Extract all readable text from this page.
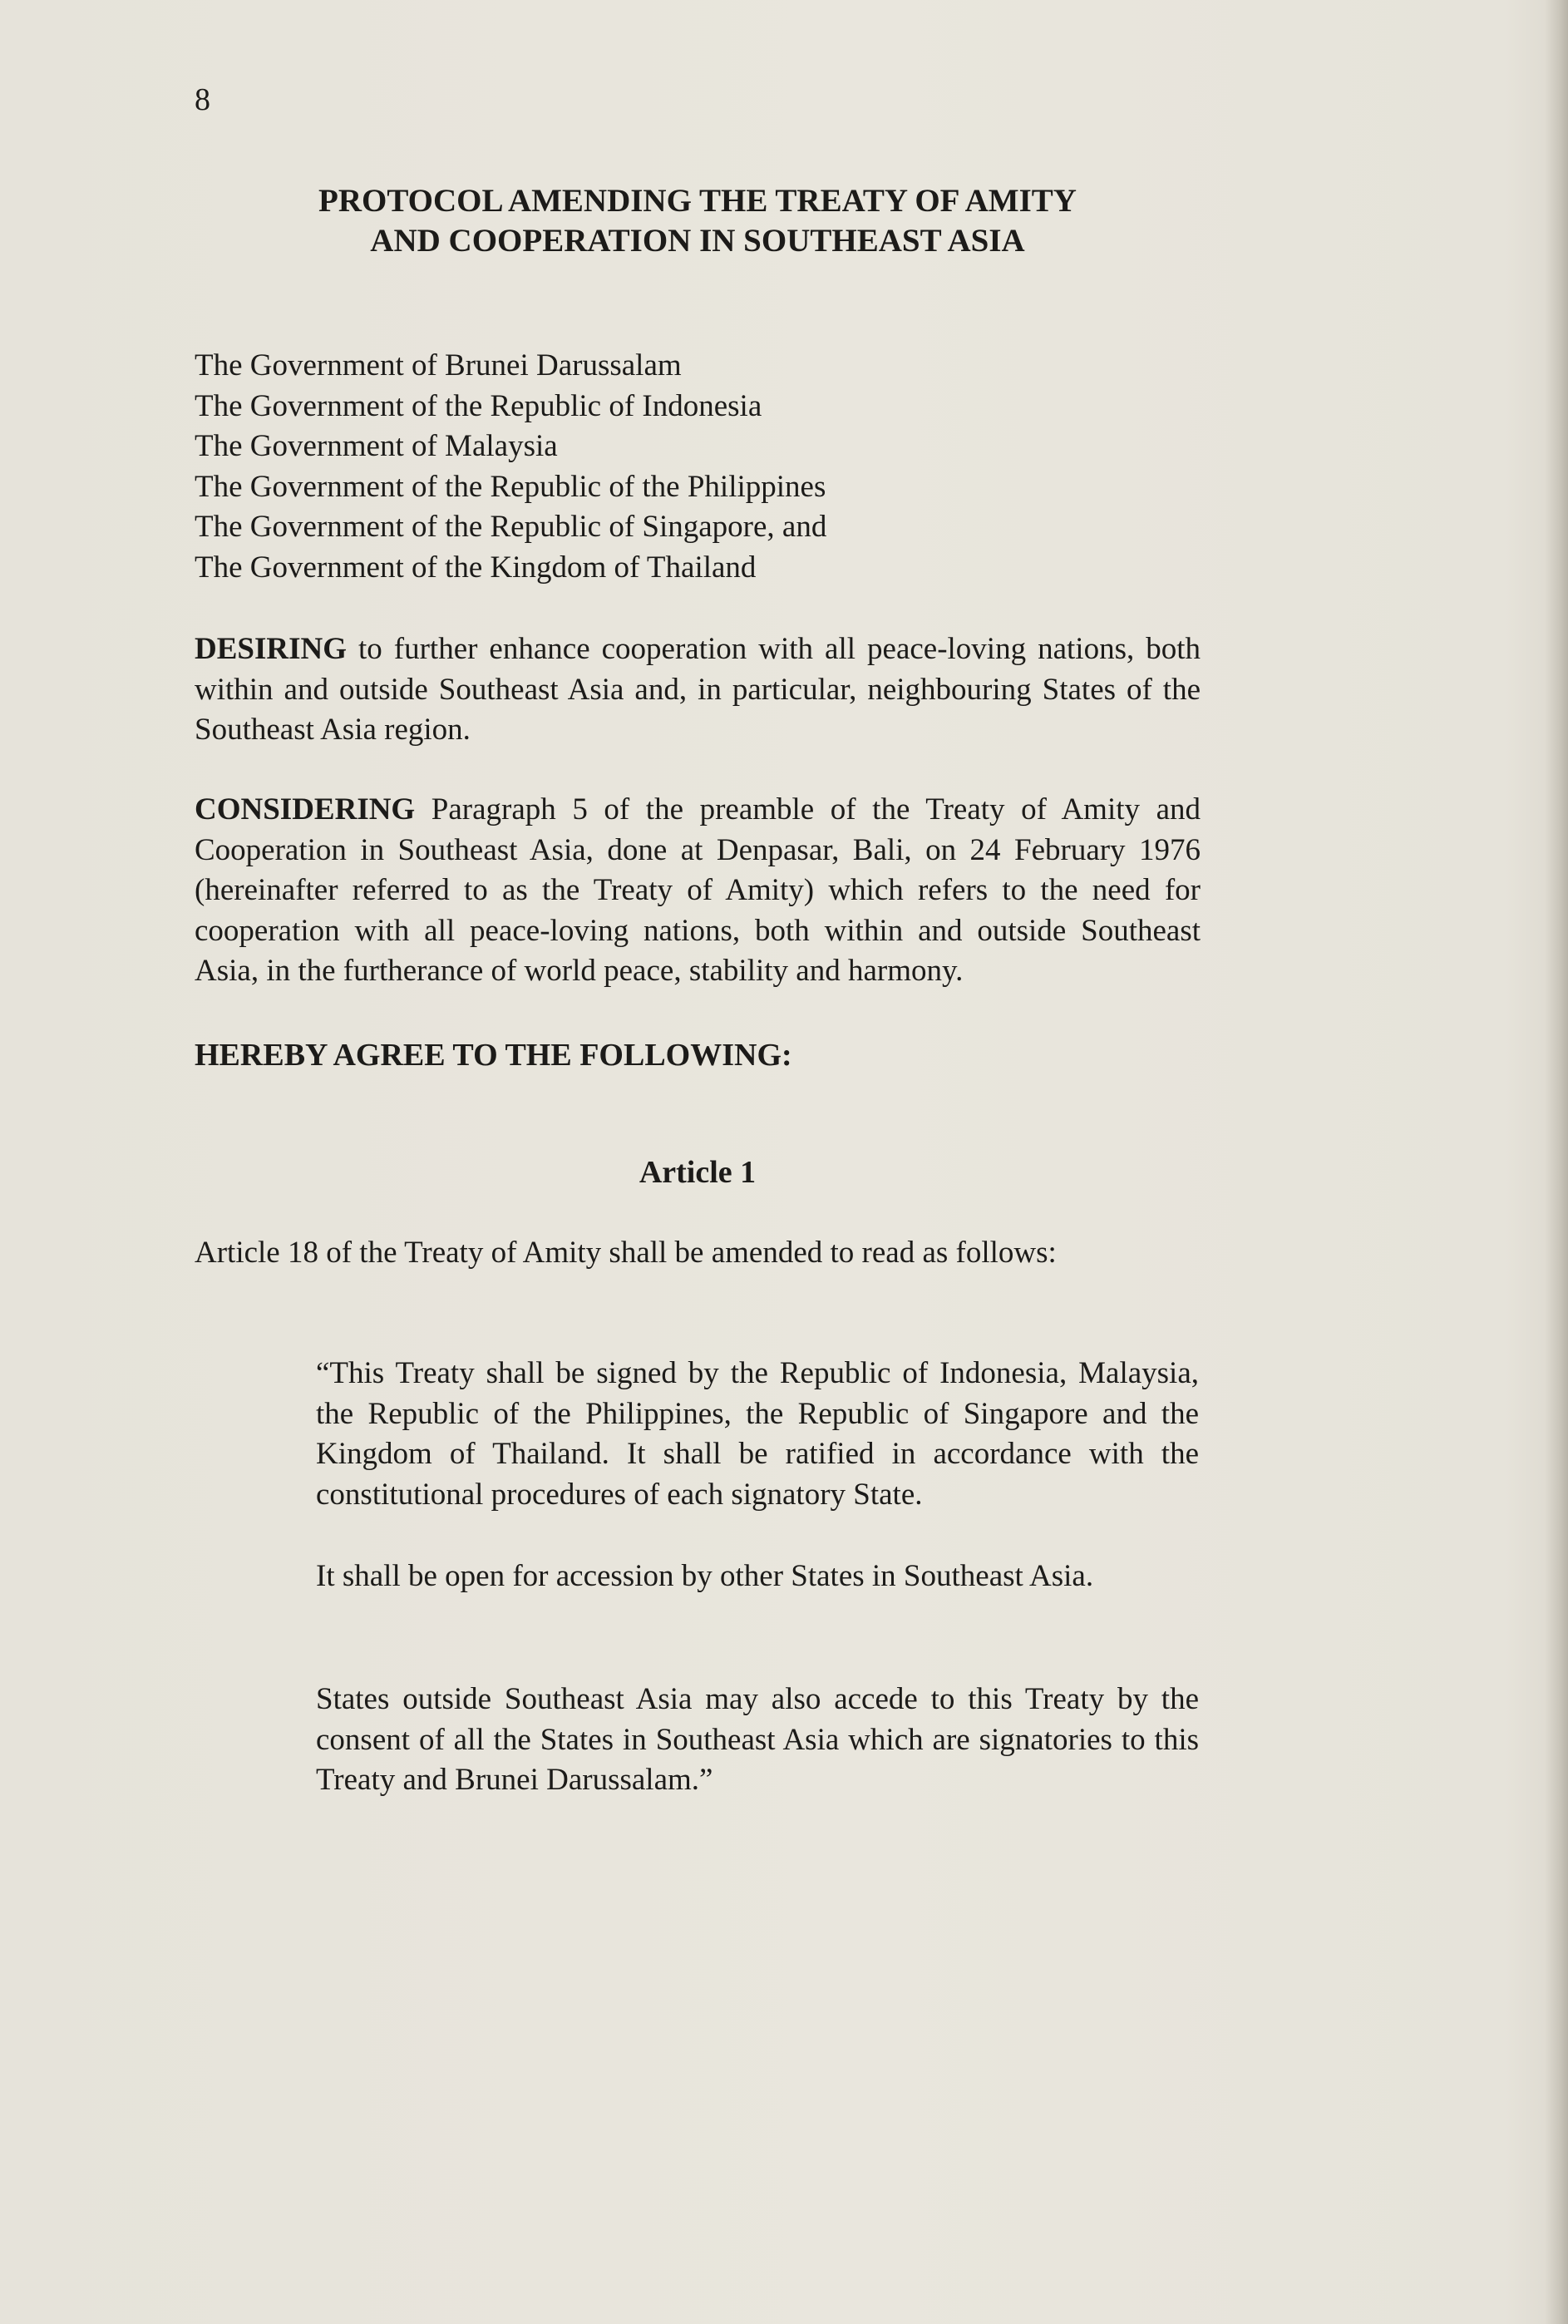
8
PROTOCOL AMENDING THE TREATY OF AMITY
AND COOPERATION IN SOUTHEAST ASIA
The Government of Brunei Darussalam
The Government of the Republic of Indonesia
The Government of Malaysia
The Government of the Republic of the Philippines
The Government of the Republic of Singapore, and
The Government of the Kingdom of Thailand
DESIRING to further enhance cooperation with all peace-loving nations, both within and outside Southeast Asia and, in particular, neighbouring States of the Southeast Asia region.
CONSIDERING Paragraph 5 of the preamble of the Treaty of Amity and Cooperation in Southeast Asia, done at Denpasar, Bali, on 24 February 1976 (hereinafter referred to as the Treaty of Amity) which refers to the need for cooperation with all peace-loving nations, both within and outside Southeast Asia, in the furtherance of world peace, stability and harmony.
HEREBY AGREE TO THE FOLLOWING:
Article 1
Article 18 of the Treaty of Amity shall be amended to read as follows:
“This Treaty shall be signed by the Republic of Indonesia, Malaysia, the Republic of the Philippines, the Republic of Singapore and the Kingdom of Thailand. It shall be ratified in accordance with the constitutional procedures of each signatory State.
It shall be open for accession by other States in Southeast Asia.
States outside Southeast Asia may also accede to this Treaty by the consent of all the States in Southeast Asia which are signatories to this Treaty and Brunei Darussalam.”
